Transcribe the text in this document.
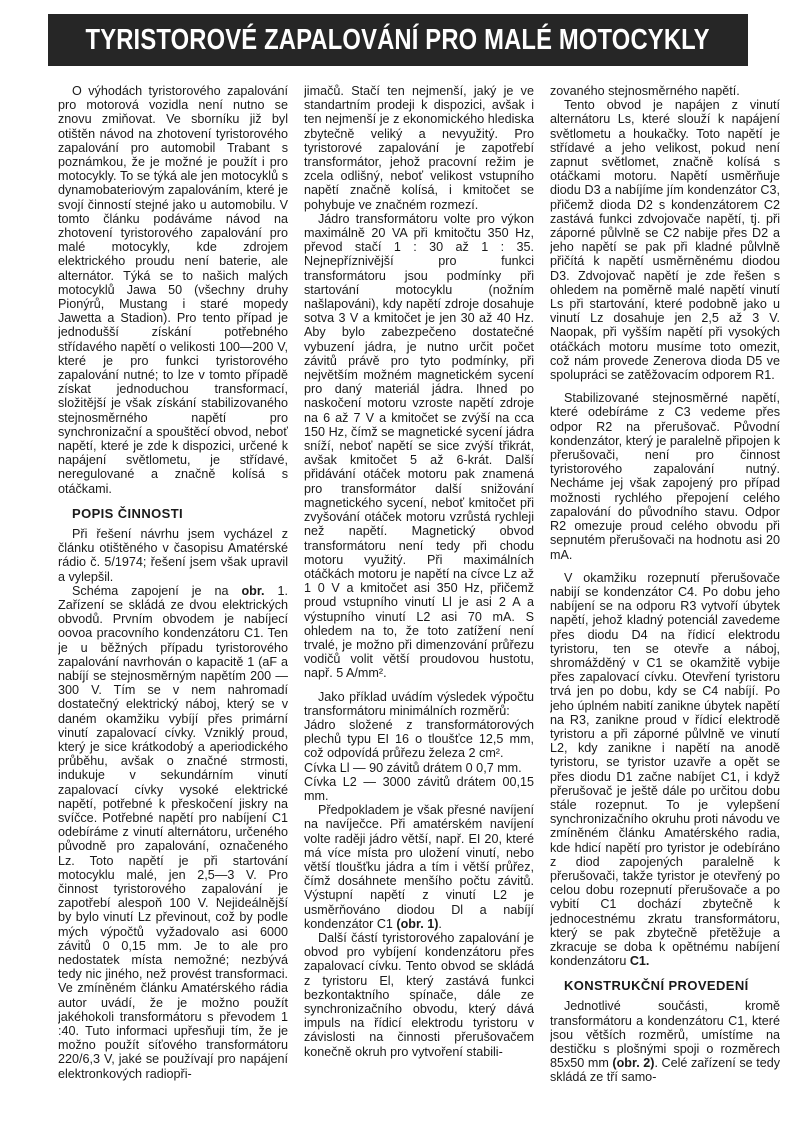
TYRISTOROVÉ ZAPALOVÁNÍ PRO MALÉ MOTOCYKLY

O výhodách tyristorového zapalování pro motorová vozidla není nutno se znovu zmiňovat. Ve sborníku již byl otištěn návod na zhotovení tyristorového zapalování pro automobil Trabant s poznámkou, že je možné je použít i pro motocykly. To se týká ale jen motocyklů s dynamobateriovým zapalováním, které je svojí činností stejné jako u automobilu. V tomto článku podáváme návod na zhotovení tyristorového zapalování pro malé motocykly, kde zdrojem elektrického proudu není baterie, ale alternátor. Týká se to našich malých motocyklů Jawa 50 (všechny druhy Pionýrů, Mustang i staré mopedy Jawetta a Stadion). Pro tento případ je jednodušší získání potřebného střídavého napětí o velikosti 100—200 V, které je pro funkci tyristorového zapalování nutné; to lze v tomto případě získat jednoduchou transformací, složitější je však získání stabilizovaného stejnosměrného napětí pro synchronizační a spouštěcí obvod, neboť napětí, které je zde k dispozici, určené k napájení světlometu, je střídavé, neregulované a značně kolísá s otáčkami.

POPIS ČINNOSTI

Při řešení návrhu jsem vycházel z článku otištěného v časopisu Amatérské rádio č. 5/1974; řešení jsem však upravil a vylepšil.

Schéma zapojení je na obr. 1. Zařízení se skládá ze dvou elektrických obvodů. Prvním obvodem je nabíjecí oovoa pracovního kondenzátoru C1. Ten je u běžných případu tyristorového zapalování navrhován o kapacitě 1 (aF a nabíjí se stejnosměrným napětím 200 —300 V. Tím se v nem nahromadí dostatečný elektrický náboj, který se v daném okamžiku vybíjí přes primární vinutí zapalovací cívky. Vzniklý proud, který je sice krátkodobý a aperiodického průběhu, avšak o značné strmosti, indukuje v sekundárním vinutí zapalovací cívky vysoké elektrické napětí, potřebné k přeskočení jiskry na svíčce. Potřebné napětí pro nabíjení C1 odebíráme z vinutí alternátoru, určeného původně pro zapalování, označeného Lz. Toto napětí je při startování motocyklu malé, jen 2,5—3 V. Pro činnost tyristorového zapalování je zapotřebí alespoň 100 V. Nejideálnější by bylo vinutí Lz převinout, což by podle mých výpočtů vyžadovalo asi 6000 závitů 0 0,15 mm. Je to ale pro nedostatek místa nemožné; nezbývá tedy nic jiného, než provést transformaci. Ve zmíněném článku Amatérského rádia autor uvádí, že je možno použít jakéhokoli transformátoru s převodem 1 :40. Tuto informaci upřesňuji tím, že je možno použít síťového transformátoru 220/6,3 V, jaké se používají pro napájení elektronkových radiopři-

jimačů. Stačí ten nejmenší, jaký je ve standartním prodeji k dispozici, avšak i ten nejmenší je z ekonomického hlediska zbytečně veliký a nevyužitý. Pro tyristorové zapalování je zapotřebí transformátor, jehož pracovní režim je zcela odlišný, neboť velikost vstupního napětí značně kolísá, i kmitočet se pohybuje ve značném rozmezí.

Jádro transformátoru volte pro výkon maximálně 20 VA při kmitočtu 350 Hz, převod stačí 1 : 30 až 1 : 35. Nejnepříznivější pro funkci transformátoru jsou podmínky při startování motocyklu (nožním našlapováni), kdy napětí zdroje dosahuje sotva 3 V a kmitočet je jen 30 až 40 Hz. Aby bylo zabezpečeno dostatečné vybuzení jádra, je nutno určit počet závitů právě pro tyto podmínky, při největším možném magnetickém sycení pro daný materiál jádra. Ihned po naskočení motoru vzroste napětí zdroje na 6 až 7 V a kmitočet se zvýší na cca 150 Hz, čímž se magnetické sycení jádra sníží, neboť napětí se sice zvýší třikrát, avšak kmitočet 5 až 6-krát. Další přidávání otáček motoru pak znamená pro transformátor další snižování magnetického sycení, neboť kmitočet při zvyšování otáček motoru vzrůstá rychleji než napětí. Magnetický obvod transformátoru není tedy při chodu motoru využitý. Při maximálních otáčkách motoru je napětí na cívce Lz až 1 0 V a kmitočet asi 350 Hz, přičemž proud vstupního vinutí Ll je asi 2 A a výstupního vinutí L2 asi 70 mA. S ohledem na to, že toto zatížení není trvalé, je možno při dimenzování průřezu vodičů volit větší proudovou hustotu, např. 5 A/mm².

Jako příklad uvádím výsledek výpočtu transformátoru minimálních rozměrů:

Jádro složené z transformátorových plechů typu EI 16 o tloušťce 12,5 mm, což odpovídá průřezu železa 2 cm².

Cívka Ll — 90 závitů drátem 0 0,7 mm.

Cívka L2 — 3000 závitů drátem 00,15 mm.

Předpokladem je však přesné navíjení na navíječce. Při amatérském navíjení volte raději jádro větší, např. EI 20, které má více místa pro uložení vinutí, nebo větší tloušťku jádra a tím i větší průřez, čímž dosáhnete menšího počtu závitů. Výstupní napětí z vinutí L2 je usměrňováno diodou Dl a nabíjí kondenzátor C1 (obr. 1).

Další částí tyristorového zapalování je obvod pro vybíjení kondenzátoru přes zapalovací cívku. Tento obvod se skládá z tyristoru El, který zastává funkci bezkontaktního spínače, dále ze synchronizačního obvodu, který dává impuls na řídicí elektrodu tyristoru v závislosti na činnosti přerušovačem konečně okruh pro vytvoření stabili-

zovaného stejnosměrného napětí.

Tento obvod je napájen z vinutí alternátoru Ls, které slouží k napájení světlometu a houkačky. Toto napětí je střídavé a jeho velikost, pokud není zapnut světlomet, značně kolísá s otáčkami motoru. Napětí usměrňuje diodu D3 a nabíjíme jím kondenzátor C3, přičemž dioda D2 s kondenzátorem C2 zastává funkci zdvojovače napětí, tj. při záporné půlvlně se C2 nabije přes D2 a jeho napětí se pak při kladné půlvlně přičítá k napětí usměrněnému diodou D3. Zdvojovač napětí je zde řešen s ohledem na poměrně malé napětí vinutí Ls při startování, které podobně jako u vinutí Lz dosahuje jen 2,5 až 3 V. Naopak, při vyšším napětí při vysokých otáčkách motoru musíme toto omezit, což nám provede Zenerova dioda D5 ve spolupráci se zatěžovacím odporem R1.

Stabilizované stejnosměrné napětí, které odebíráme z C3 vedeme přes odpor R2 na přerušovač. Původní kondenzátor, který je paralelně připojen k přerušovači, není pro činnost tyristorového zapalování nutný. Necháme jej však zapojený pro případ možnosti rychlého přepojení celého zapalování do původního stavu. Odpor R2 omezuje proud celého obvodu při sepnutém přerušovači na hodnotu asi 20 mA.

V okamžiku rozepnutí přerušovače nabijí se kondenzátor C4. Po dobu jeho nabíjení se na odporu R3 vytvoří úbytek napětí, jehož kladný potenciál zavedeme přes diodu D4 na řídicí elektrodu tyristoru, ten se otevře a náboj, shromážděný v C1 se okamžitě vybije přes zapalovací cívku. Otevření tyristoru trvá jen po dobu, kdy se C4 nabíjí. Po jeho úplném nabití zanikne úbytek napětí na R3, zanikne proud v řídicí elektrodě tyristoru a při záporné půlvlně ve vinutí L2, kdy zanikne i napětí na anodě tyristoru, se tyristor uzavře a opět se přes diodu D1 začne nabíjet C1, i když přerušovač je ještě dále po určitou dobu stále rozepnut. To je vylepšení synchronizačního okruhu proti návodu ve zmíněném článku Amatérského radia, kde hdicí napětí pro tyristor je odebíráno z diod zapojených paralelně k přerušovači, takže tyristor je otevřený po celou dobu rozepnutí přerušovače a po vybití C1 dochází zbytečně k jednocestnému zkratu transformátoru, který se pak zbytečně přetěžuje a zkracuje se doba k opětnému nabíjení kondenzátoru C1.

KONSTRUKČNÍ PROVEDENÍ

Jednotlivé součásti, kromě transformátoru a kondenzátoru C1, které jsou větších rozměrů, umístíme na destičku s plošnými spoji o rozměrech 85x50 mm (obr. 2). Celé zařízení se tedy skládá ze tří samo-
